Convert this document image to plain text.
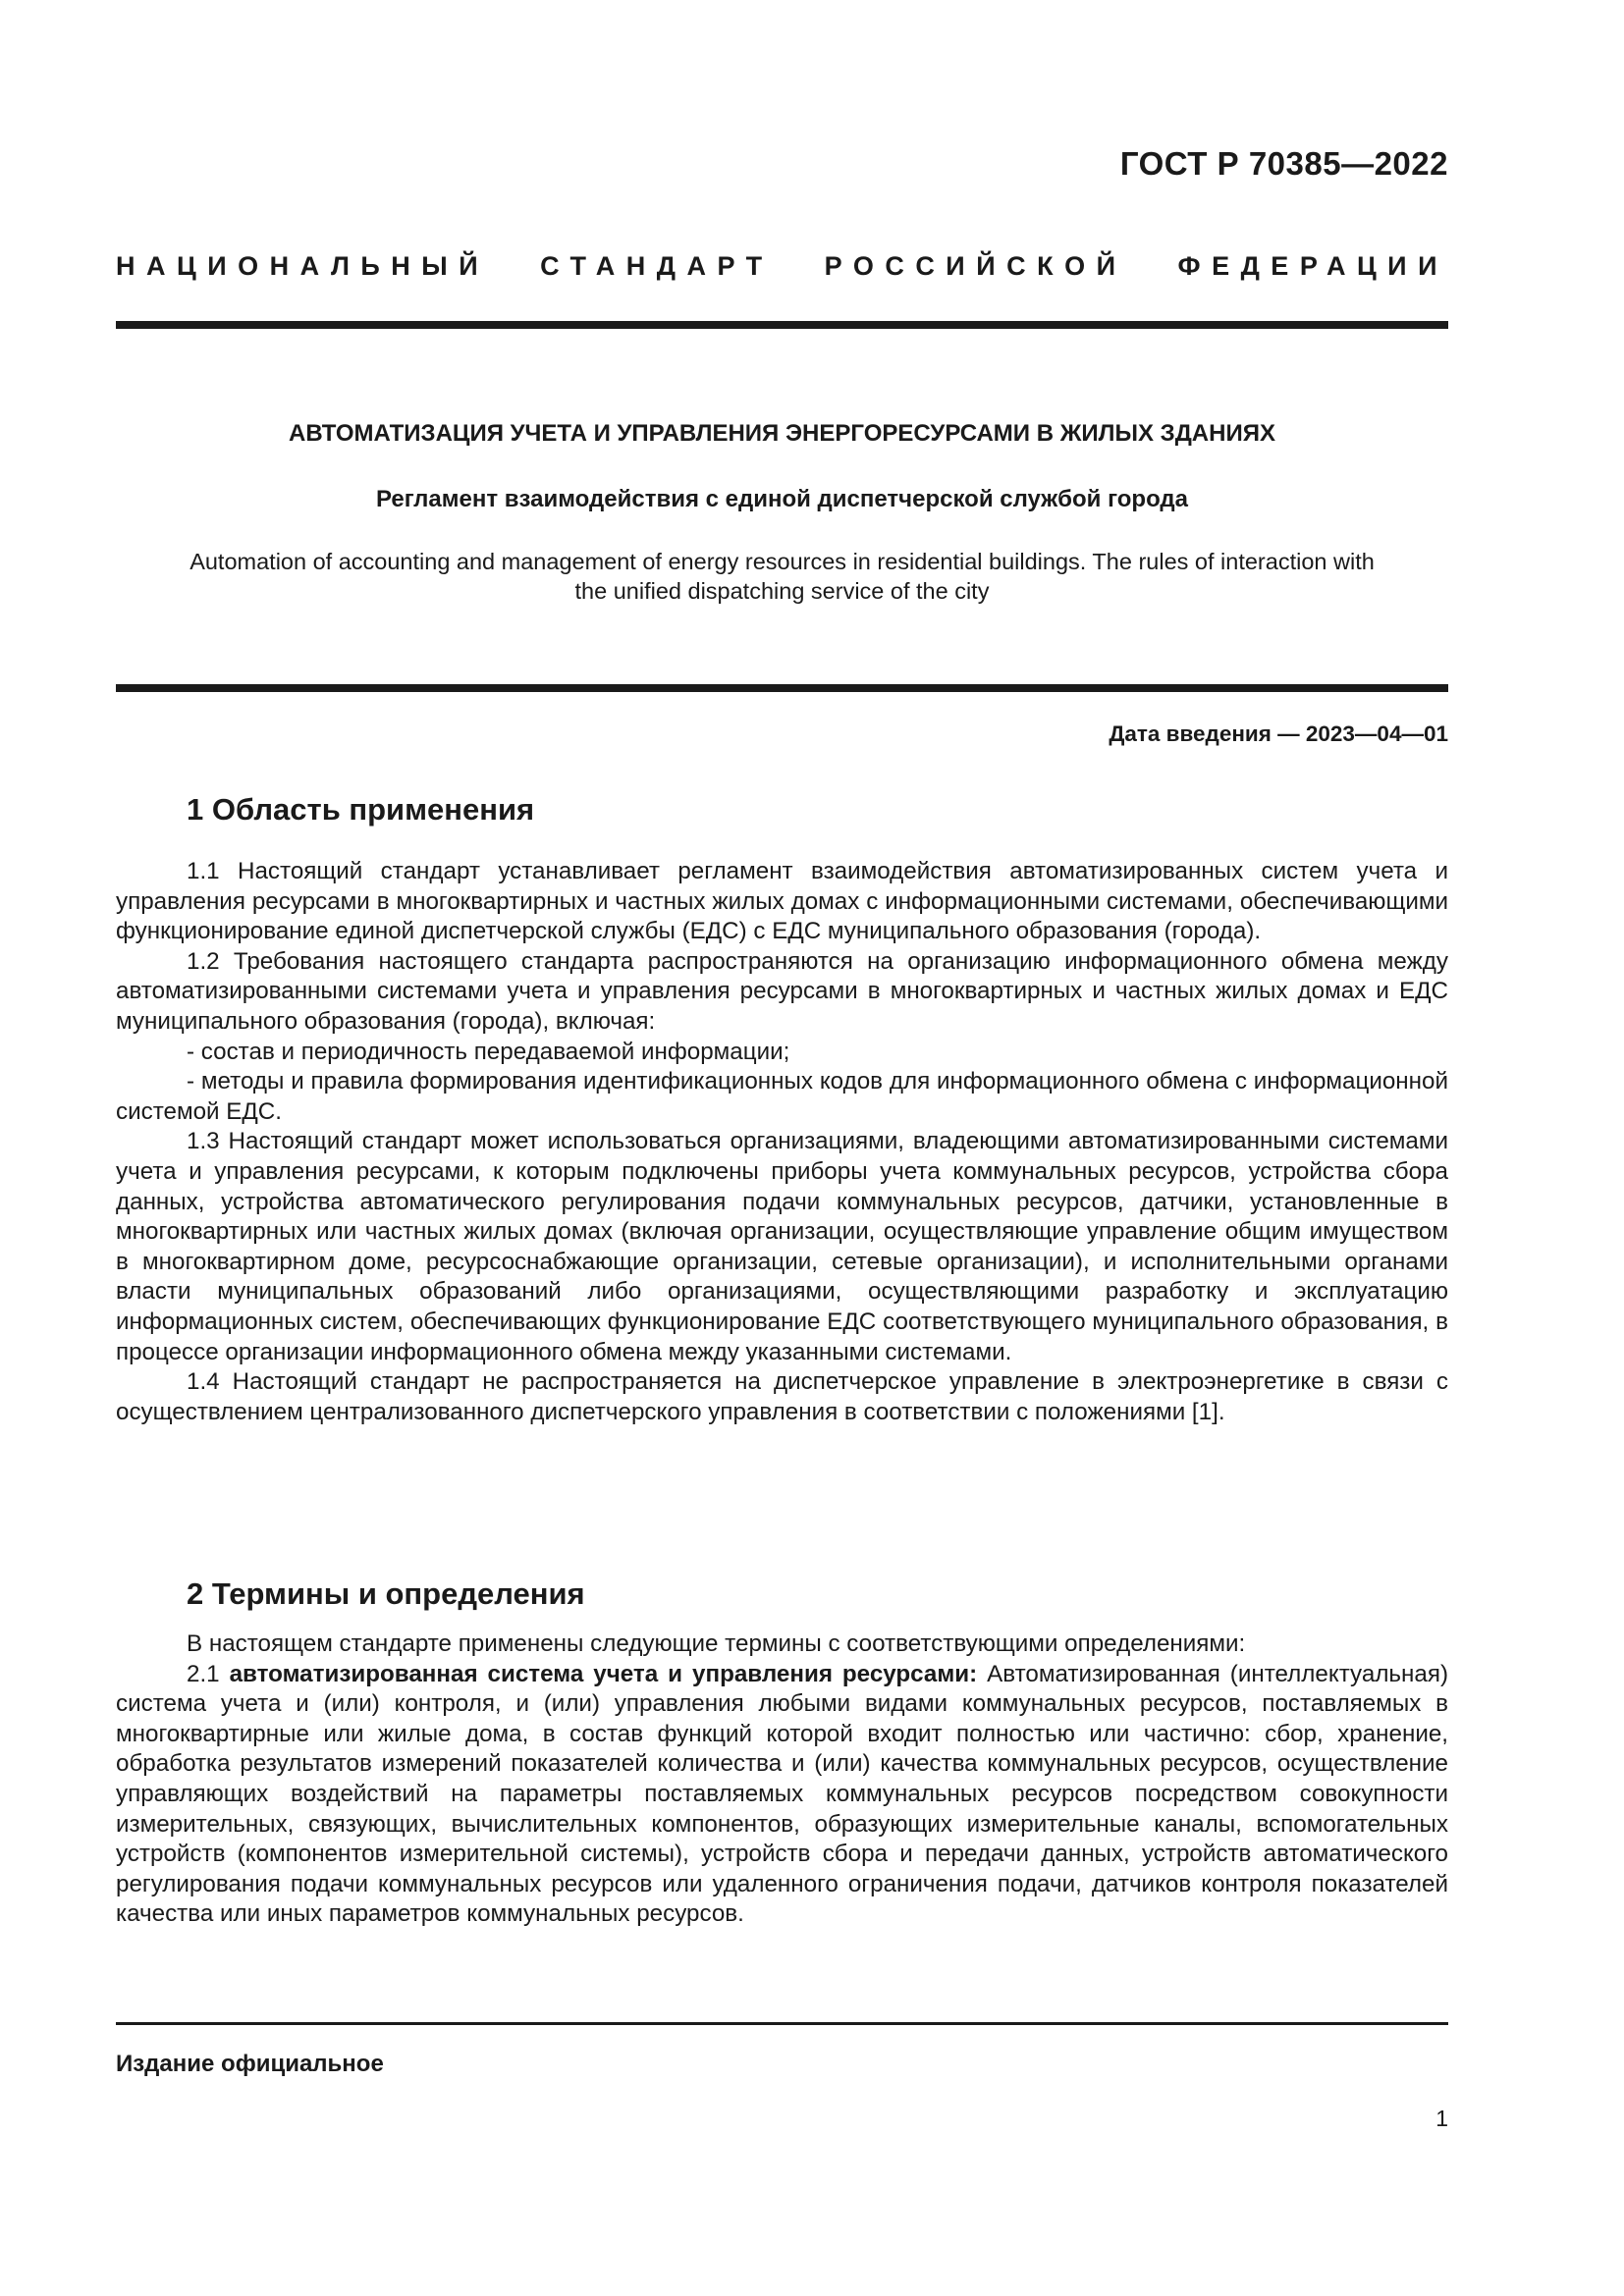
ГОСТ Р 70385—2022
НАЦИОНАЛЬНЫЙ СТАНДАРТ РОССИЙСКОЙ ФЕДЕРАЦИИ
АВТОМАТИЗАЦИЯ УЧЕТА И УПРАВЛЕНИЯ ЭНЕРГОРЕСУРСАМИ В ЖИЛЫХ ЗДАНИЯХ
Регламент взаимодействия с единой диспетчерской службой города
Automation of accounting and management of energy resources in residential buildings. The rules of interaction with
the unified dispatching service of the city
Дата введения — 2023—04—01
1 Область применения

1.1 Настоящий стандарт устанавливает регламент взаимодействия автоматизированных систем учета и управления ресурсами в многоквартирных и частных жилых домах с информационными системами, обеспечивающими функционирование единой диспетчерской службы (ЕДС) с ЕДС муниципального образования (города).

1.2 Требования настоящего стандарта распространяются на организацию информационного обмена между автоматизированными системами учета и управления ресурсами в многоквартирных и частных жилых домах и ЕДС муниципального образования (города), включая:

- состав и периодичность передаваемой информации;

- методы и правила формирования идентификационных кодов для информационного обмена с информационной системой ЕДС.

1.3 Настоящий стандарт может использоваться организациями, владеющими автоматизированными системами учета и управления ресурсами, к которым подключены приборы учета коммунальных ресурсов, устройства сбора данных, устройства автоматического регулирования подачи коммунальных ресурсов, датчики, установленные в многоквартирных или частных жилых домах (включая организации, осуществляющие управление общим имуществом в многоквартирном доме, ресурсоснабжающие организации, сетевые организации), и исполнительными органами власти муниципальных образований либо организациями, осуществляющими разработку и эксплуатацию информационных систем, обеспечивающих функционирование ЕДС соответствующего муниципального образования, в процессе организации информационного обмена между указанными системами.

1.4 Настоящий стандарт не распространяется на диспетчерское управление в электроэнергетике в связи с осуществлением централизованного диспетчерского управления в соответствии с положениями [1].

2 Термины и определения

В настоящем стандарте применены следующие термины с соответствующими определениями:

2.1 автоматизированная система учета и управления ресурсами: Автоматизированная (интеллектуальная) система учета и (или) контроля, и (или) управления любыми видами коммунальных ресурсов, поставляемых в многоквартирные или жилые дома, в состав функций которой входит полностью или частично: сбор, хранение, обработка результатов измерений показателей количества и (или) качества коммунальных ресурсов, осуществление управляющих воздействий на параметры поставляемых коммунальных ресурсов посредством совокупности измерительных, связующих, вычислительных компонентов, образующих измерительные каналы, вспомогательных устройств (компонентов измерительной системы), устройств сбора и передачи данных, устройств автоматического регулирования подачи коммунальных ресурсов или удаленного ограничения подачи, датчиков контроля показателей качества или иных параметров коммунальных ресурсов.

Издание официальное
1
